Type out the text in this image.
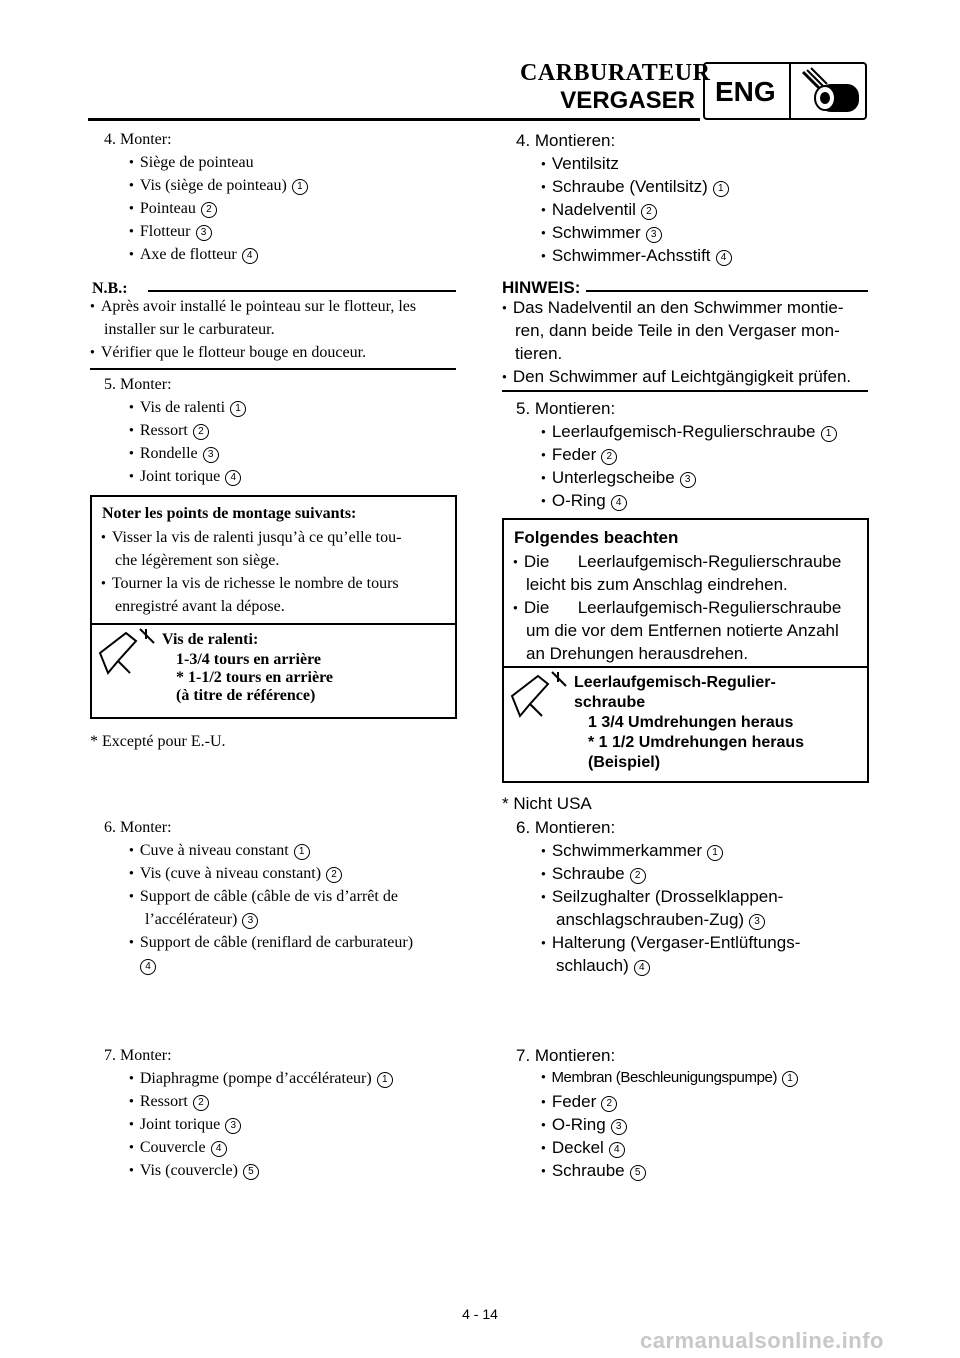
CARBURATEUR
VERGASER ENG
4. Monter:
● Siège de pointeau
● Vis (siège de pointeau) 1
● Pointeau 2
● Flotteur 3
● Axe de flotteur 4
N.B.:
● Après avoir installé le pointeau sur le flotteur, les
installer sur le carburateur.
● Vérifier que le flotteur bouge en douceur.
5. Monter:
● Vis de ralenti 1
● Ressort 2
● Rondelle 3
● Joint torique 4
Noter les points de montage suivants:
● Visser la vis de ralenti jusqu’à ce qu’elle tou-
che légèrement son siège.
● Tourner la vis de richesse le nombre de tours
enregistré avant la dépose.
Vis de ralenti:
1-3/4 tours en arrière
* 1-1/2 tours en arrière
(à titre de référence)
* Excepté pour E.-U.
6. Monter:
● Cuve à niveau constant 1
● Vis (cuve à niveau constant) 2
● Support de câble (câble de vis d’arrêt de
l’accélérateur) 3
● Support de câble (reniflard de carburateur)
4
7. Monter:
● Diaphragme (pompe d’accélérateur) 1
● Ressort 2
● Joint torique 3
● Couvercle 4
● Vis (couvercle) 5
4. Montieren:
● Ventilsitz
● Schraube (Ventilsitz) 1
● Nadelventil 2
● Schwimmer 3
● Schwimmer-Achsstift 4
HINWEIS:
● Das Nadelventil an den Schwimmer montie-
ren, dann beide Teile in den Vergaser mon-
tieren.
● Den Schwimmer auf Leichtgängigkeit prüfen.
5. Montieren:
● Leerlaufgemisch-Regulierschraube 1
● Feder 2
● Unterlegscheibe 3
● O-Ring 4
Folgendes beachten
● Die      Leerlaufgemisch-Regulierschraube
leicht bis zum Anschlag eindrehen.
● Die      Leerlaufgemisch-Regulierschraube
um die vor dem Entfernen notierte Anzahl
an Drehungen herausdrehen.
Leerlaufgemisch-Regulier-
schraube
1 3/4 Umdrehungen heraus
* 1 1/2 Umdrehungen heraus
(Beispiel)
* Nicht USA
6. Montieren:
● Schwimmerkammer 1
● Schraube 2
● Seilzughalter (Drosselklappen-
anschlagschrauben-Zug) 3
● Halterung (Vergaser-Entlüftungs-
schlauch) 4
7. Montieren:
● Membran (Beschleunigungspumpe) 1
● Feder 2
● O-Ring 3
● Deckel 4
● Schraube 5
4 - 14
carmanualsonline.info
